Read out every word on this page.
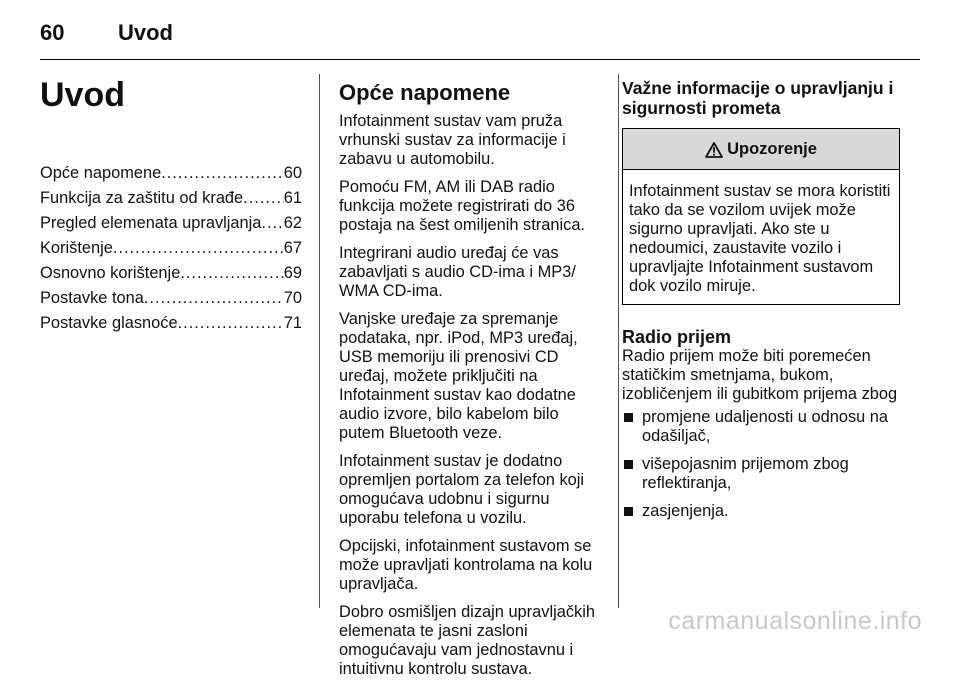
60 Uvod
Uvod
Opće napomene .....	60
Funkcija za zaštitu od krađe ..... 61
Pregled elemenata upravljanja ..... 62
Korištenje .....	67
Osnovno korištenje .....	69
Postavke tona .....	70
Postavke glasnoće .....	71
Opće napomene

Infotainment sustav vam pruža vrhunski sustav za informacije i zabavu u automobilu.

Pomoću FM, AM ili DAB radio funkcija možete registrirati do 36 postaja na šest omiljenih stranica.

Integrirani audio uređaj će vas zabavljati s audio CD-ima i MP3/ WMA CD-ima.

Vanjske uređaje za spremanje podataka, npr. iPod, MP3 uređaj, USB memoriju ili prenosivi CD uređaj, možete priključiti na Infotainment sustav kao dodatne audio izvore, bilo kabelom bilo putem Bluetooth veze.

Infotainment sustav je dodatno opremljen portalom za telefon koji omogućava udobnu i sigurnu uporabu telefona u vozilu.

Opcijski, infotainment sustavom se može upravljati kontrolama na kolu upravljača.

Dobro osmišljen dizajn upravljačkih elemenata te jasni zasloni omogućavaju vam jednostavnu i intuitivnu kontrolu sustava.

Važne informacije o upravljanju i sigurnosti prometa
Upozorenje
Infotainment sustav se mora koristiti tako da se vozilom uvijek može sigurno upravljati. Ako ste u nedoumici, zaustavite vozilo i upravljajte Infotainment sustavom dok vozilo miruje.
Radio prijem

Radio prijem može biti poremećen statičkim smetnjama, bukom, izobličenjem ili gubitkom prijema zbog

promjene udaljenosti u odnosu na odašiljač,
višepojasnim prijemom zbog reflektiranja,
zasjenjenja.
carmanualsonline.info
